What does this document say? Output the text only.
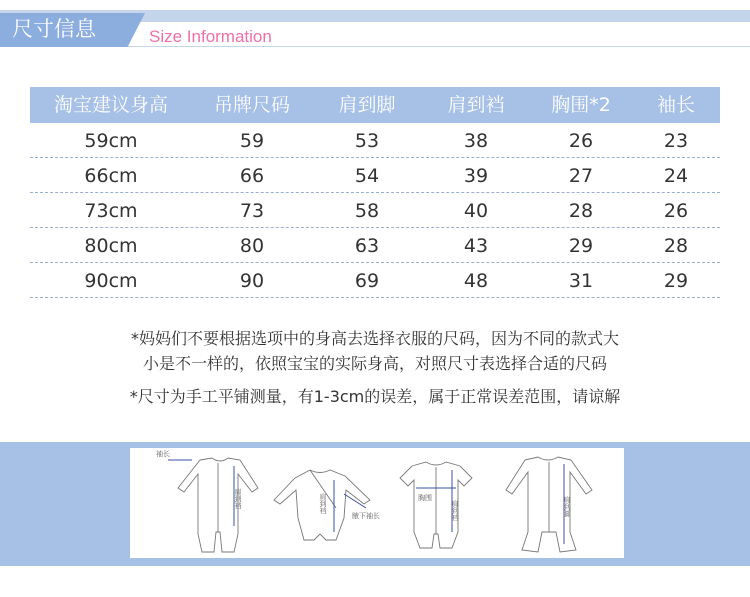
尺寸信息	Size Information
淘宝建议身高	吊牌尺码	肩到脚	肩到裆	胸围*2	袖长
59cm	59	53	38	26	23
66cm	66	54	39	27	24
73cm	73	58	40	28	26
80cm	80	63	43	29	28
90cm	90	69	48	31	29
*妈妈们不要根据选项中的身高去选择衣服的尺码，因为不同的款式大
小是不一样的，依照宝宝的实际身高，对照尺寸表选择合适的尺码
*尺寸为手工平铺测量，有1-3cm的误差，属于正常误差范围，请谅解
袖长
肩到裆	肩到裆
腋下袖长
胸围
肩到裆	肩到脚
